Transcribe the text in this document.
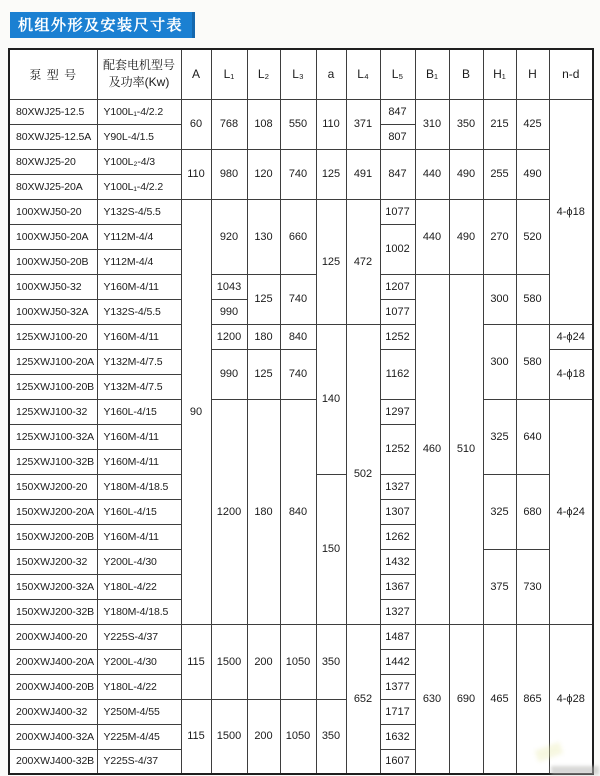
机组外形及安装尺寸表
泵 型 号	配套电机型号
及功率(Kw)	A	L₁	L₂	L₃	a	L₄	L₅	B₁	B	H₁	H	n-d
80XWJ25-12.5	Y100L₁-4/2.2	60	768	108	550	110	371	847	310	350	215	425	4-ϕ18
80XWJ25-12.5A	Y90L-4/1.5							807					
80XWJ25-20	Y100L₂-4/3	110	980	120	740	125	491	847	440	490	255	490	
80XWJ25-20A	Y100L₁-4/2.2												
100XWJ50-20	Y132S-4/5.5	90	920	130	660	125	472	1077	440	490	270	520	
100XWJ50-20A	Y112M-4/4							1002					
100XWJ50-20B	Y112M-4/4												
100XWJ50-32	Y160M-4/11		1043	125	740			1207	460	510	300	580	
100XWJ50-32A	Y132S-4/5.5		990					1077					
125XWJ100-20	Y160M-4/11		1200	180	840	140	502	1252			300	580	4-ϕ24
125XWJ100-20A	Y132M-4/7.5		990	125	740			1162					4-ϕ18
125XWJ100-20B	Y132M-4/7.5												
125XWJ100-32	Y160L-4/15		1200	180	840			1297			325	640	4-ϕ24
125XWJ100-32A	Y160M-4/11							1252					
125XWJ100-32B	Y160M-4/11												
150XWJ200-20	Y180M-4/18.5					150		1327			325	680	
150XWJ200-20A	Y160L-4/15							1307					
150XWJ200-20B	Y160M-4/11							1262					
150XWJ200-32	Y200L-4/30							1432			375	730	
150XWJ200-32A	Y180L-4/22							1367					
150XWJ200-32B	Y180M-4/18.5							1327					
200XWJ400-20	Y225S-4/37	115	1500	200	1050	350	652	1487	630	690	465	865	4-ϕ28
200XWJ400-20A	Y200L-4/30							1442					
200XWJ400-20B	Y180L-4/22							1377					
200XWJ400-32	Y250M-4/55	115	1500	200	1050	350		1717					
200XWJ400-32A	Y225M-4/45							1632					
200XWJ400-32B	Y225S-4/37							1607					
